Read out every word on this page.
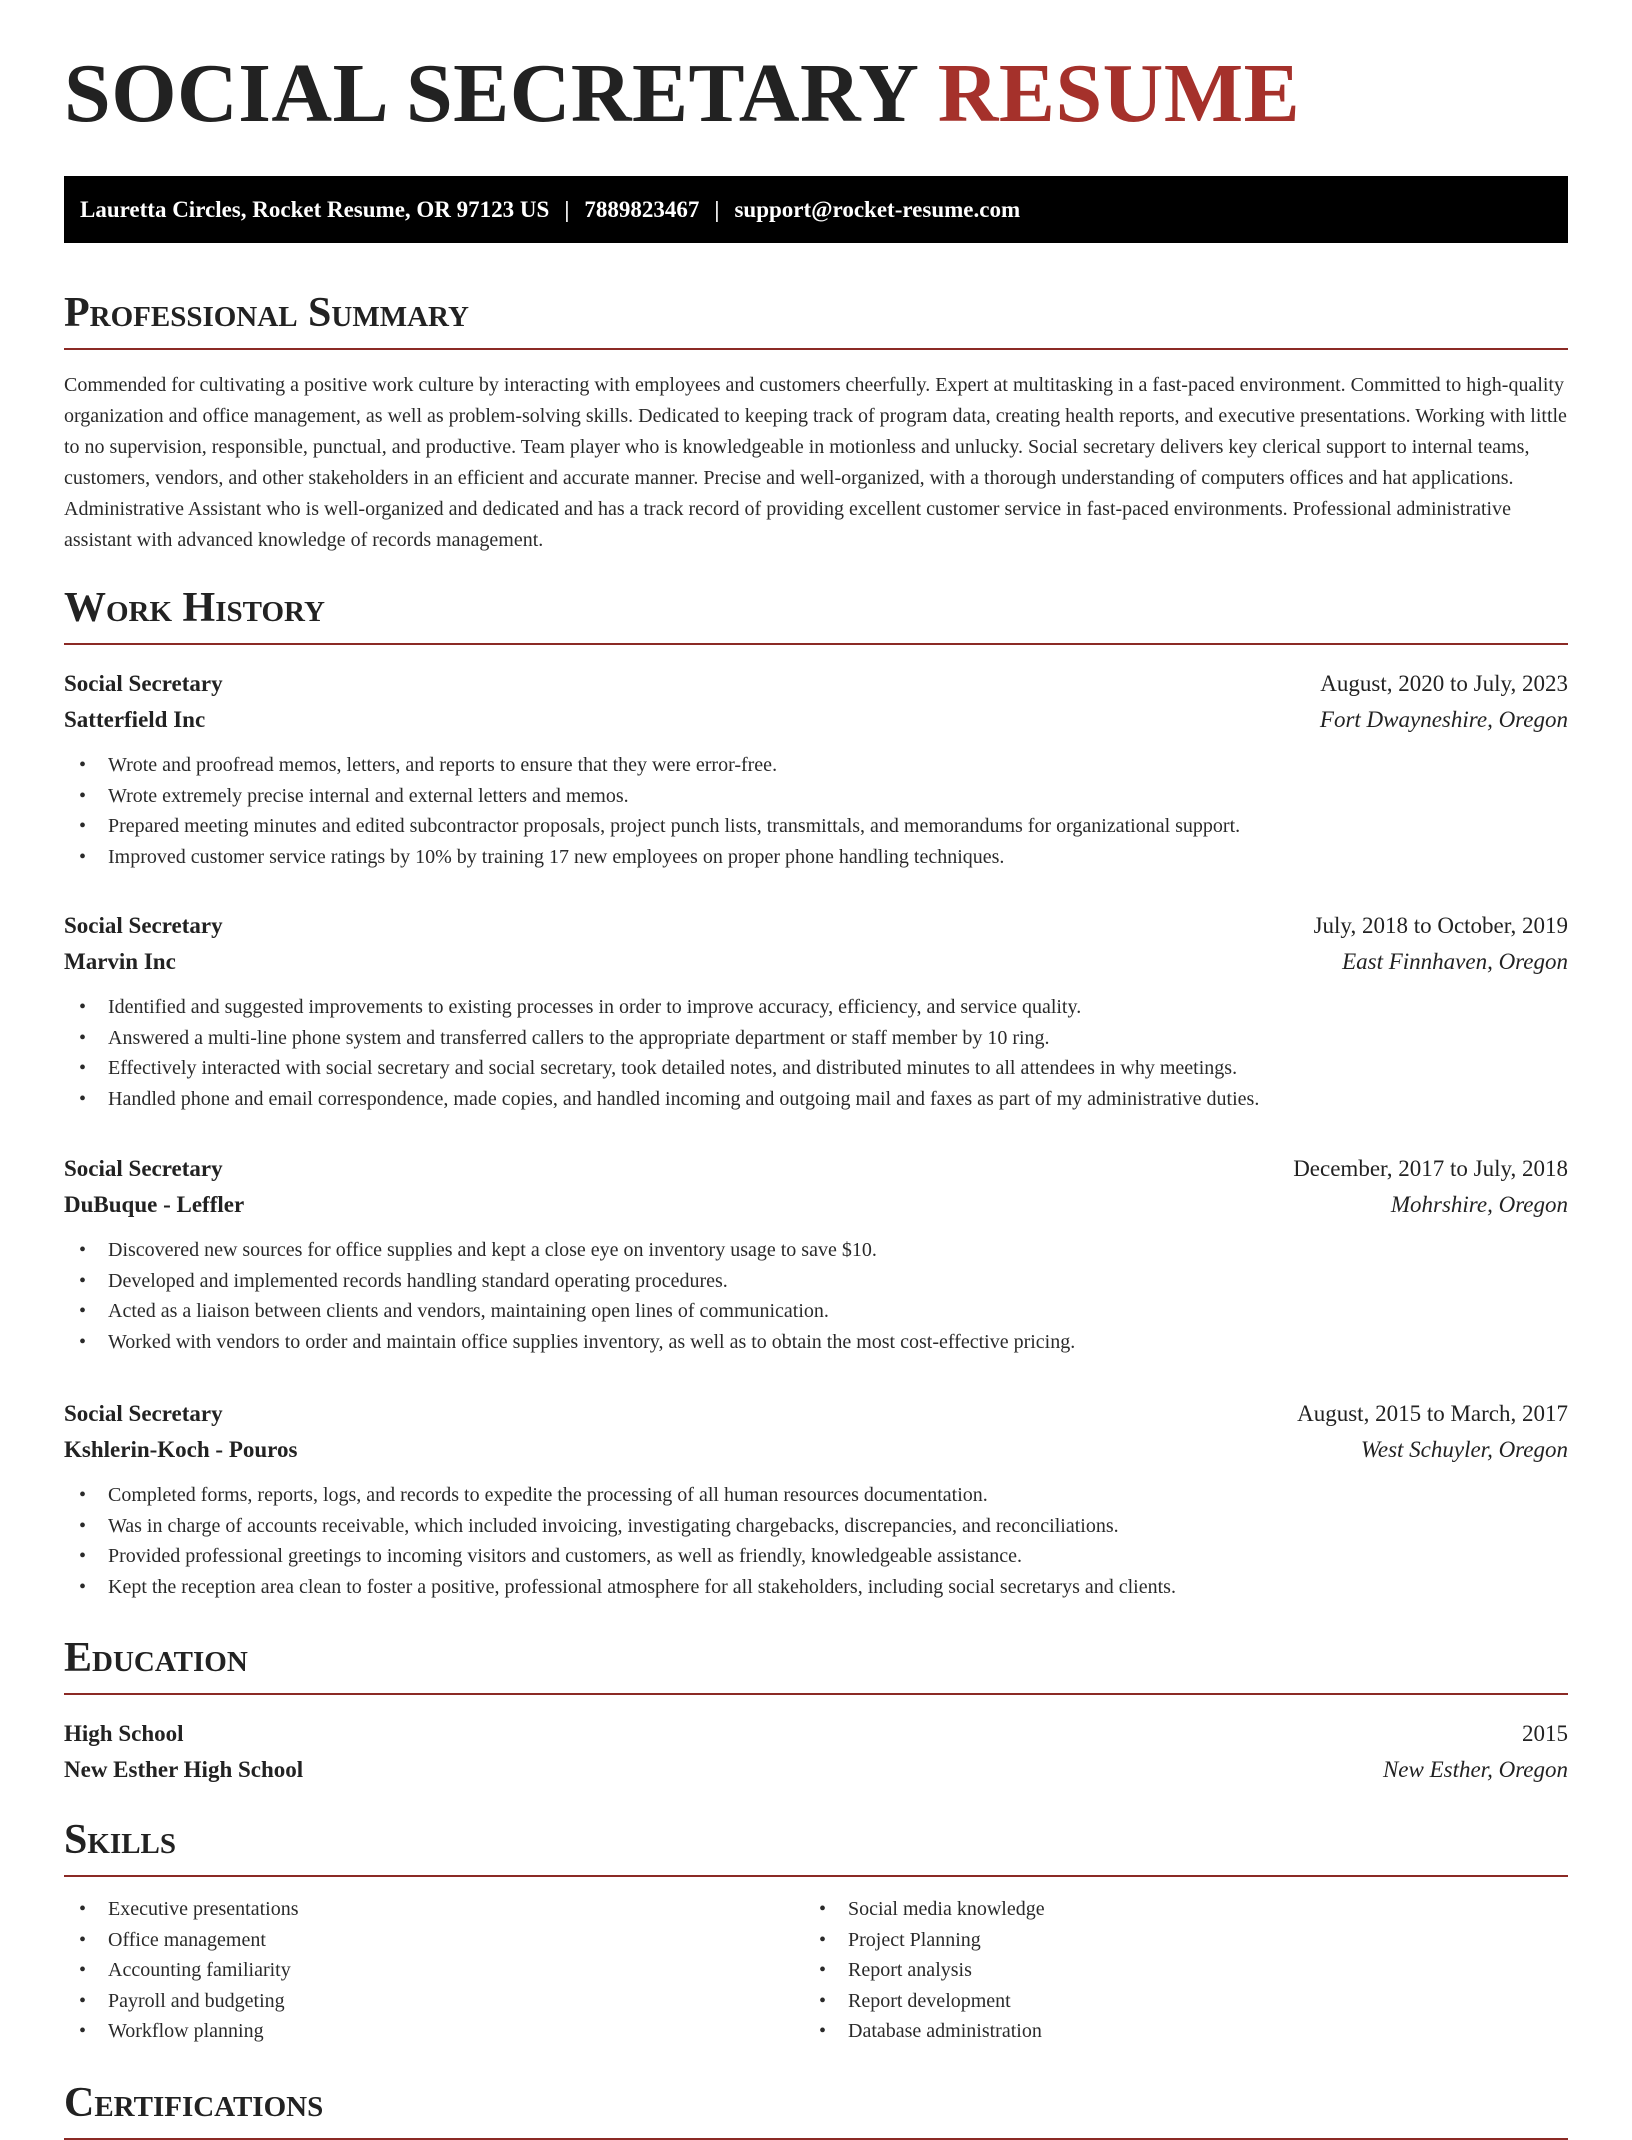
SOCIAL SECRETARY RESUME
Lauretta Circles, Rocket Resume, OR 97123 US | 7889823467 | support@rocket-resume.com
Professional Summary

Commended for cultivating a positive work culture by interacting with employees and customers cheerfully. Expert at multitasking in a fast-paced environment. Committed to high-quality organization and office management, as well as problem-solving skills. Dedicated to keeping track of program data, creating health reports, and executive presentations. Working with little to no supervision, responsible, punctual, and productive. Team player who is knowledgeable in motionless and unlucky. Social secretary delivers key clerical support to internal teams, customers, vendors, and other stakeholders in an efficient and accurate manner. Precise and well-organized, with a thorough understanding of computers offices and hat applications. Administrative Assistant who is well-organized and dedicated and has a track record of providing excellent customer service in fast-paced environments. Professional administrative assistant with advanced knowledge of records management.

Work History
Social Secretary	August, 2020 to July, 2023
Satterfield Inc	Fort Dwayneshire, Oregon
• Wrote and proofread memos, letters, and reports to ensure that they were error-free.
• Wrote extremely precise internal and external letters and memos.
• Prepared meeting minutes and edited subcontractor proposals, project punch lists, transmittals, and memorandums for organizational support.
• Improved customer service ratings by 10% by training 17 new employees on proper phone handling techniques.
Social Secretary	July, 2018 to October, 2019
Marvin Inc	East Finnhaven, Oregon
• Identified and suggested improvements to existing processes in order to improve accuracy, efficiency, and service quality.
• Answered a multi-line phone system and transferred callers to the appropriate department or staff member by 10 ring.
• Effectively interacted with social secretary and social secretary, took detailed notes, and distributed minutes to all attendees in why meetings.
• Handled phone and email correspondence, made copies, and handled incoming and outgoing mail and faxes as part of my administrative duties.
Social Secretary	December, 2017 to July, 2018
DuBuque - Leffler	Mohrshire, Oregon
• Discovered new sources for office supplies and kept a close eye on inventory usage to save $10.
• Developed and implemented records handling standard operating procedures.
• Acted as a liaison between clients and vendors, maintaining open lines of communication.
• Worked with vendors to order and maintain office supplies inventory, as well as to obtain the most cost-effective pricing.
Social Secretary	August, 2015 to March, 2017
Kshlerin-Koch - Pouros	West Schuyler, Oregon
• Completed forms, reports, logs, and records to expedite the processing of all human resources documentation.
• Was in charge of accounts receivable, which included invoicing, investigating chargebacks, discrepancies, and reconciliations.
• Provided professional greetings to incoming visitors and customers, as well as friendly, knowledgeable assistance.
• Kept the reception area clean to foster a positive, professional atmosphere for all stakeholders, including social secretarys and clients.
Education
High School	2015
New Esther High School	New Esther, Oregon
Skills
• Executive presentations
• Office management
• Accounting familiarity
• Payroll and budgeting
• Workflow planning
• Social media knowledge
• Project Planning
• Report analysis
• Report development
• Database administration
Certifications
